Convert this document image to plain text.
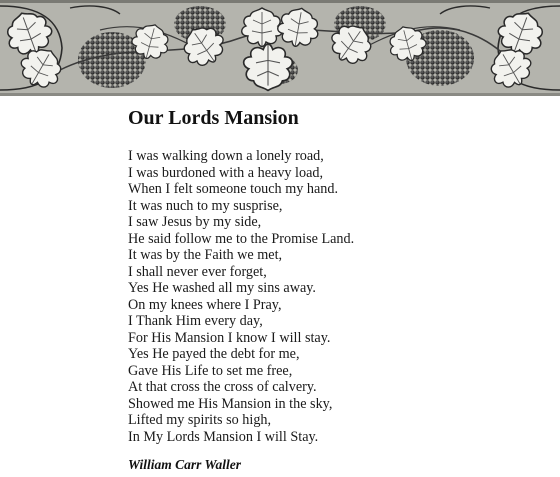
Our Lords Mansion
I was walking down a lonely road,
I was burdoned with a heavy load,
When I felt someone touch my hand.
It was nuch to my susprise,
I saw Jesus by my side,
He said follow me to the Promise Land.
It was by the Faith we met,
I shall never ever forget,
Yes He washed all my sins away.
On my knees where I Pray,
I Thank Him every day,
For His Mansion I know I will stay.
Yes He payed the debt for me,
Gave His Life to set me free,
At that cross the cross of calvery.
Showed me His Mansion in the sky,
Lifted my spirits so high,
In My Lords Mansion I will Stay.
William Carr Waller
